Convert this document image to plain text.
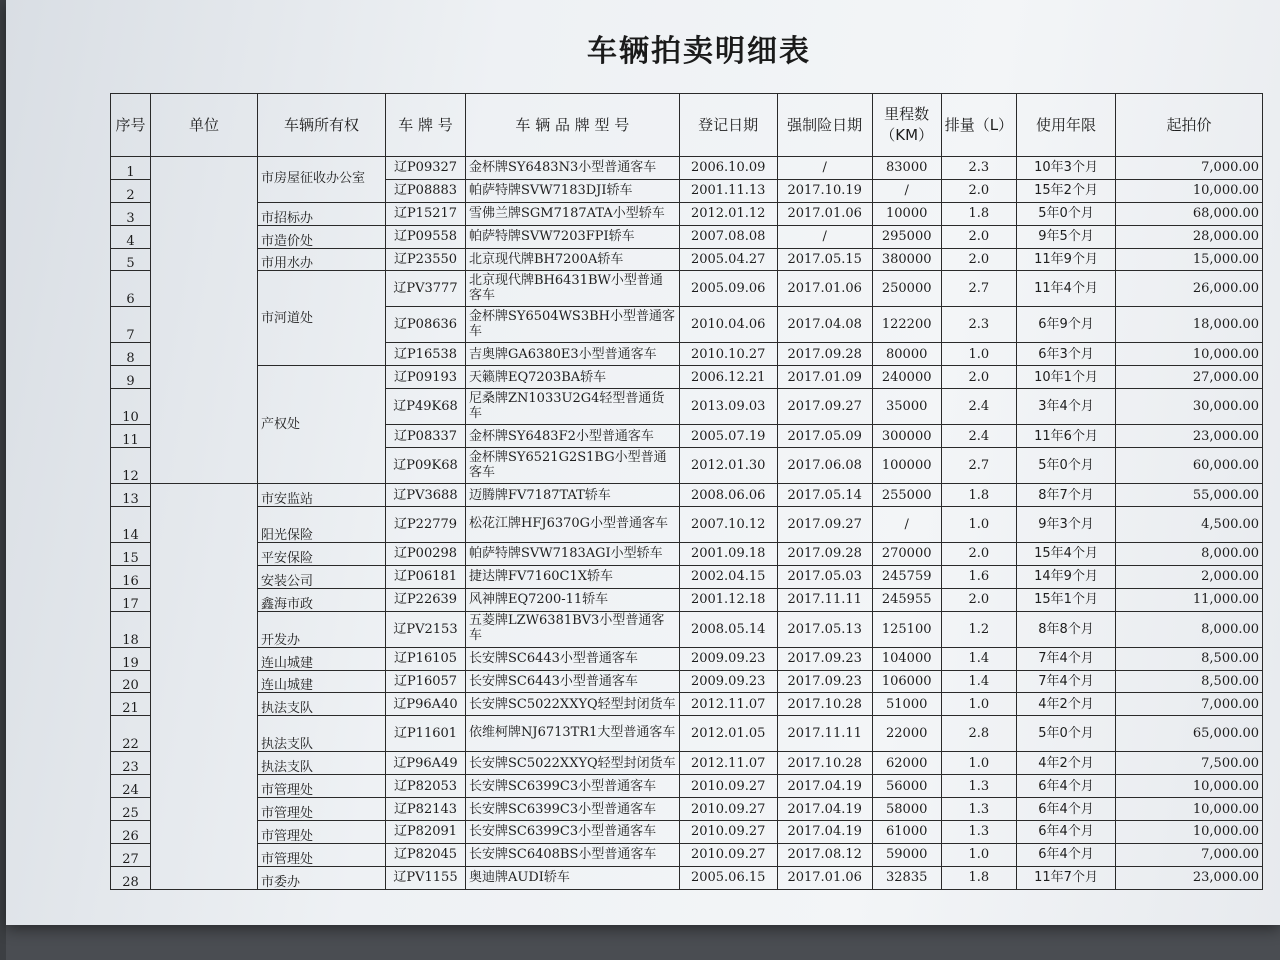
车辆拍卖明细表
序号	单位	车辆所有权	车 牌 号	车 辆 品 牌 型 号	登记日期	强制险日期	里程数（KM）	排量（L）	使用年限	起拍价
1		市房屋征收办公室	辽P09327	金杯牌SY6483N3小型普通客车	2006.10.09	/	83000	2.3	10年3个月	7,000.00
2			辽P08883	帕萨特牌SVW7183DJI轿车	2001.11.13	2017.10.19	/	2.0	15年2个月	10,000.00
3		市招标办	辽P15217	雪佛兰牌SGM7187ATA小型轿车	2012.01.12	2017.01.06	10000	1.8	5年0个月	68,000.00
4		市造价处	辽P09558	帕萨特牌SVW7203FPI轿车	2007.08.08	/	295000	2.0	9年5个月	28,000.00
5		市用水办	辽P23550	北京现代牌BH7200A轿车	2005.04.27	2017.05.15	380000	2.0	11年9个月	15,000.00
6		市河道处	辽PV3777	北京现代牌BH6431BW小型普通客车	2005.09.06	2017.01.06	250000	2.7	11年4个月	26,000.00
7			辽P08636	金杯牌SY6504WS3BH小型普通客车	2010.04.06	2017.04.08	122200	2.3	6年9个月	18,000.00
8			辽P16538	吉奥牌GA6380E3小型普通客车	2010.10.27	2017.09.28	80000	1.0	6年3个月	10,000.00
9		产权处	辽P09193	天籁牌EQ7203BA轿车	2006.12.21	2017.01.09	240000	2.0	10年1个月	27,000.00
10			辽P49K68	尼桑牌ZN1033U2G4轻型普通货车	2013.09.03	2017.09.27	35000	2.4	3年4个月	30,000.00
11			辽P08337	金杯牌SY6483F2小型普通客车	2005.07.19	2017.05.09	300000	2.4	11年6个月	23,000.00
12			辽P09K68	金杯牌SY6521G2S1BG小型普通客车	2012.01.30	2017.06.08	100000	2.7	5年0个月	60,000.00
13		市安监站	辽PV3688	迈腾牌FV7187TAT轿车	2008.06.06	2017.05.14	255000	1.8	8年7个月	55,000.00
14		阳光保险	辽P22779	松花江牌HFJ6370G小型普通客车	2007.10.12	2017.09.27	/	1.0	9年3个月	4,500.00
15		平安保险	辽P00298	帕萨特牌SVW7183AGI小型轿车	2001.09.18	2017.09.28	270000	2.0	15年4个月	8,000.00
16		安装公司	辽P06181	捷达牌FV7160C1X轿车	2002.04.15	2017.05.03	245759	1.6	14年9个月	2,000.00
17		鑫海市政	辽P22639	风神牌EQ7200-11轿车	2001.12.18	2017.11.11	245955	2.0	15年1个月	11,000.00
18		开发办	辽PV2153	五菱牌LZW6381BV3小型普通客车	2008.05.14	2017.05.13	125100	1.2	8年8个月	8,000.00
19		连山城建	辽P16105	长安牌SC6443小型普通客车	2009.09.23	2017.09.23	104000	1.4	7年4个月	8,500.00
20		连山城建	辽P16057	长安牌SC6443小型普通客车	2009.09.23	2017.09.23	106000	1.4	7年4个月	8,500.00
21		执法支队	辽P96A40	长安牌SC5022XXYQ轻型封闭货车	2012.11.07	2017.10.28	51000	1.0	4年2个月	7,000.00
22		执法支队	辽P11601	依维柯牌NJ6713TR1大型普通客车	2012.01.05	2017.11.11	22000	2.8	5年0个月	65,000.00
23		执法支队	辽P96A49	长安牌SC5022XXYQ轻型封闭货车	2012.11.07	2017.10.28	62000	1.0	4年2个月	7,500.00
24		市管理处	辽P82053	长安牌SC6399C3小型普通客车	2010.09.27	2017.04.19	56000	1.3	6年4个月	10,000.00
25		市管理处	辽P82143	长安牌SC6399C3小型普通客车	2010.09.27	2017.04.19	58000	1.3	6年4个月	10,000.00
26		市管理处	辽P82091	长安牌SC6399C3小型普通客车	2010.09.27	2017.04.19	61000	1.3	6年4个月	10,000.00
27		市管理处	辽P82045	长安牌SC6408BS小型普通客车	2010.09.27	2017.08.12	59000	1.0	6年4个月	7,000.00
28		市委办	辽PV1155	奥迪牌AUDI轿车	2005.06.15	2017.01.06	32835	1.8	11年7个月	23,000.00
